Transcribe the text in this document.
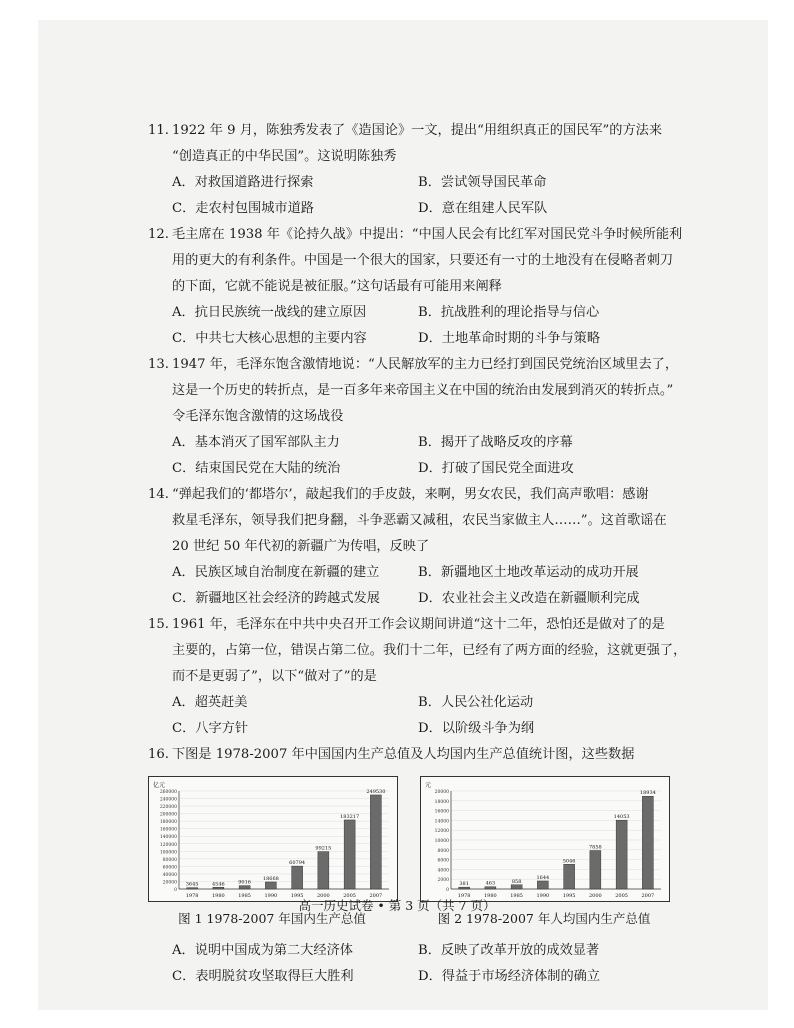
11. 1922 年 9 月，陈独秀发表了《造国论》一文，提出“用组织真正的国民军”的方法来
“创造真正的中华民国”。这说明陈独秀
A．对救国道路进行探索	B．尝试领导国民革命
C．走农村包围城市道路	D．意在组建人民军队
12. 毛主席在 1938 年《论持久战》中提出：“中国人民会有比红军对国民党斗争时候所能利
用的更大的有利条件。中国是一个很大的国家，只要还有一寸的土地没有在侵略者刺刀
的下面，它就不能说是被征服。”这句话最有可能用来阐释
A．抗日民族统一战线的建立原因	B．抗战胜利的理论指导与信心
C．中共七大核心思想的主要内容	D．土地革命时期的斗争与策略
13. 1947 年，毛泽东饱含激情地说：“人民解放军的主力已经打到国民党统治区域里去了，
这是一个历史的转折点，是一百多年来帝国主义在中国的统治由发展到消灭的转折点。”
令毛泽东饱含激情的这场战役
A．基本消灭了国军部队主力	B．揭开了战略反攻的序幕
C．结束国民党在大陆的统治	D．打破了国民党全面进攻
14. “弹起我们的‘都塔尔’，敲起我们的手皮鼓，来啊，男女农民，我们高声歌唱：感谢
救星毛泽东，领导我们把身翻，斗争恶霸又减租，农民当家做主人……”。这首歌谣在
20 世纪 50 年代初的新疆广为传唱，反映了
A．民族区域自治制度在新疆的建立	B．新疆地区土地改革运动的成功开展
C．新疆地区社会经济的跨越式发展	D．农业社会主义改造在新疆顺利完成
15. 1961 年，毛泽东在中共中央召开工作会议期间讲道“这十二年，恐怕还是做对了的是
主要的，占第一位，错误占第二位。我们十二年，已经有了两方面的经验，这就更强了，
而不是更弱了”，以下“做对了”的是
A．超英赶美	B．人民公社化运动
C．八字方针	D．以阶级斗争为纲
16. 下图是 1978-2007 年中国国内生产总值及人均国内生产总值统计图，这些数据
亿元
260000
240000
220000
200000
180000
160000
140000
120000
100000
80000
60000
40000
20000
0
3645
1978
4546
1980
9016
1985
18668
1990
60794
1995
99215
2000
183217
2005
249530
2007
图 1 1978-2007 年国内生产总值
元
20000
18000
16000
14000
12000
10000
8000
6000
4000
2000
0
381
1978
463
1980
858
1985
1644
1990
5046
1995
7858
2000
14053
2005
18934
2007
图 2 1978-2007 年人均国内生产总值
A．说明中国成为第二大经济体	B．反映了改革开放的成效显著
C．表明脱贫攻坚取得巨大胜利	D．得益于市场经济体制的确立
高一历史试卷 • 第 3 页（共 7 页）
